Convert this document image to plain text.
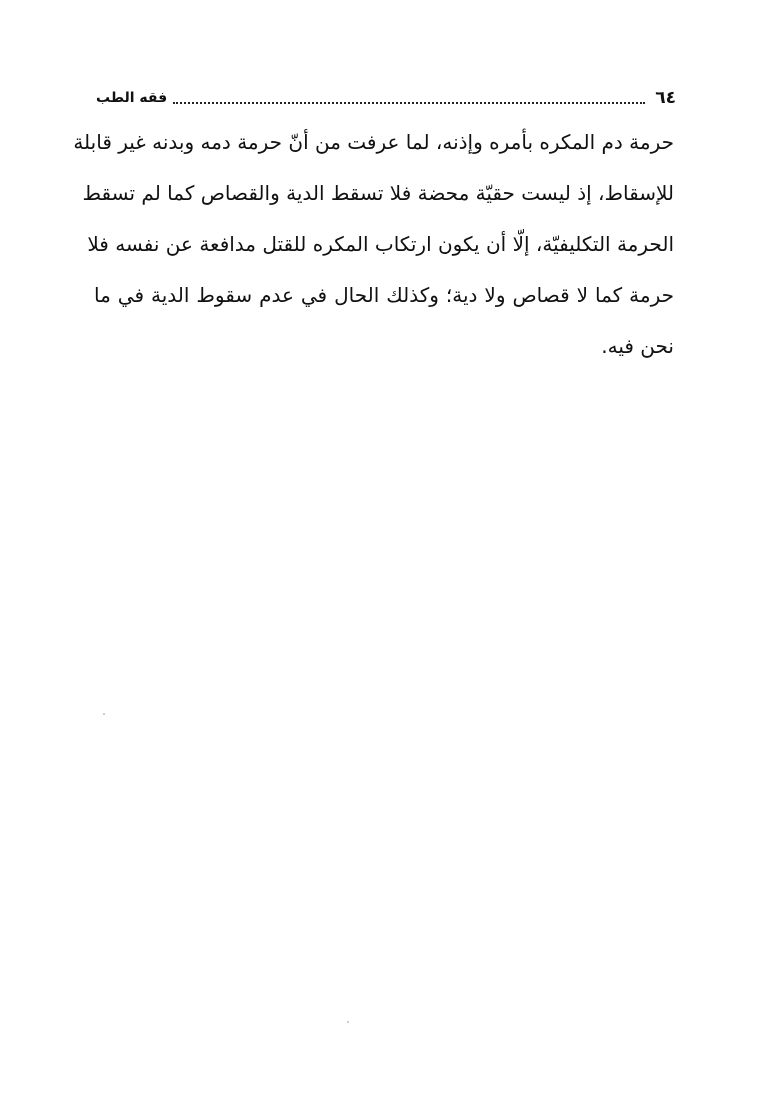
٦٤
فقه الطب
حرمة دم المكره بأمره وإذنه، لما عرفت من أنّ حرمة دمه وبدنه غير قابلة
للإسقاط، إذ ليست حقيّة محضة فلا تسقط الدية والقصاص كما لم تسقط
الحرمة التكليفيّة، إلّا أن يكون ارتكاب المكره للقتل مدافعة عن نفسه فلا
حرمة كما لا قصاص ولا دية؛ وكذلك الحال في عدم سقوط الدية في ما
نحن فيه.
